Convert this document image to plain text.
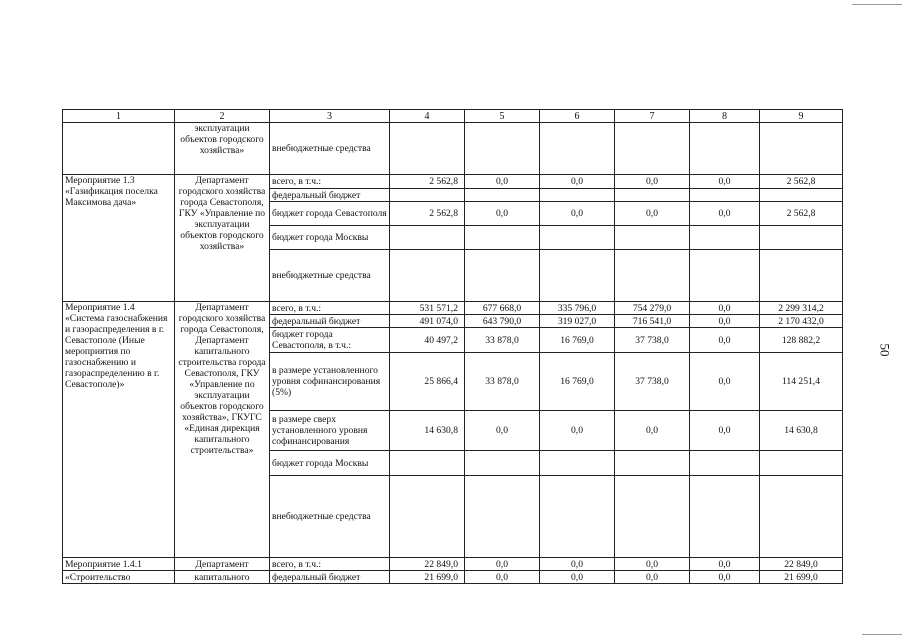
50
1	2	3	4	5	6	7	8	9
	эксплуатации объектов городского хозяйства»	внебюджетные средства						
Мероприятие 1.3 «Газификация поселка Максимова дача»	Департамент городского хозяйства города Севастополя, ГКУ «Управление по эксплуатации объектов городского хозяйства»	всего, в т.ч.:	2 562,8	0,0	0,0	0,0	0,0	2 562,8
		федеральный бюджет						
		бюджет города Севастополя	2 562,8	0,0	0,0	0,0	0,0	2 562,8
		бюджет города Москвы						
		внебюджетные средства						
Мероприятие 1.4 «Система газоснабжения и газораспределения в г. Севастополе (Иные мероприятия по газоснабжению и газораспределению в г. Севастополе)»	Департамент городского хозяйства города Севастополя, Департамент капитального строительства города Севастополя, ГКУ «Управление по эксплуатации объектов городского хозяйства», ГКУГС «Единая дирекция капитального строительства»	всего, в т.ч.:	531 571,2	677 668,0	335 796,0	754 279,0	0,0	2 299 314,2
		федеральный бюджет	491 074,0	643 790,0	319 027,0	716 541,0	0,0	2 170 432,0
		бюджет города Севастополя, в т.ч.:	40 497,2	33 878,0	16 769,0	37 738,0	0,0	128 882,2
		в размере установленного уровня софинансирования (5%)	25 866,4	33 878,0	16 769,0	37 738,0	0,0	114 251,4
		в размере сверх установленного уровня софинансирования	14 630,8	0,0	0,0	0,0	0,0	14 630,8
		бюджет города Москвы						
		внебюджетные средства						
Мероприятие 1.4.1	Департамент	всего, в т.ч.:	22 849,0	0,0	0,0	0,0	0,0	22 849,0
«Строительство	капитального	федеральный бюджет	21 699,0	0,0	0,0	0,0	0,0	21 699,0
